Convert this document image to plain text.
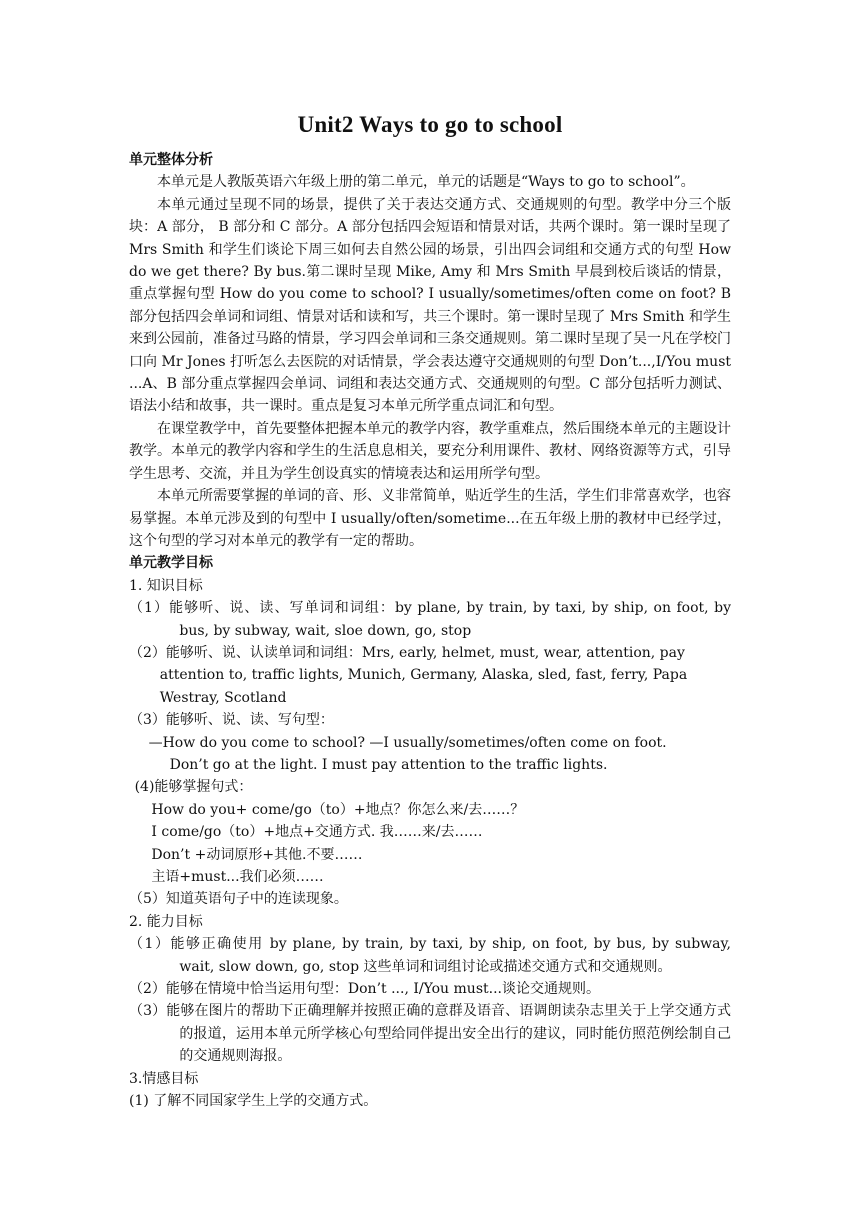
Unit2 Ways to go to school

单元整体分析

本单元是人教版英语六年级上册的第二单元，单元的话题是“Ways to go to school”。

本单元通过呈现不同的场景，提供了关于表达交通方式、交通规则的句型。教学中分三个版块：A 部分， B 部分和 C 部分。A 部分包括四会短语和情景对话，共两个课时。第一课时呈现了 Mrs Smith 和学生们谈论下周三如何去自然公园的场景，引出四会词组和交通方式的句型 How do we get there? By bus.第二课时呈现 Mike, Amy 和 Mrs Smith 早晨到校后谈话的情景，重点掌握句型 How do you come to school? I usually/sometimes/often come on foot? B 部分包括四会单词和词组、情景对话和读和写，共三个课时。第一课时呈现了 Mrs Smith 和学生来到公园前，准备过马路的情景，学习四会单词和三条交通规则。第二课时呈现了吴一凡在学校门口向 Mr Jones 打听怎么去医院的对话情景，学会表达遵守交通规则的句型 Don’t...,I/You must ...A、B 部分重点掌握四会单词、词组和表达交通方式、交通规则的句型。C 部分包括听力测试、语法小结和故事，共一课时。重点是复习本单元所学重点词汇和句型。

在课堂教学中，首先要整体把握本单元的教学内容，教学重难点，然后围绕本单元的主题设计教学。本单元的教学内容和学生的生活息息相关，要充分利用课件、教材、网络资源等方式，引导学生思考、交流，并且为学生创设真实的情境表达和运用所学句型。

本单元所需要掌握的单词的音、形、义非常简单，贴近学生的生活，学生们非常喜欢学，也容易掌握。本单元涉及到的句型中 I usually/often/sometime...在五年级上册的教材中已经学过，这个句型的学习对本单元的教学有一定的帮助。

单元教学目标

1. 知识目标

（1）能够听、说、读、写单词和词组：by plane, by train, by taxi, by ship, on foot, by bus, by subway, wait, sloe down, go, stop

（2）能够听、说、认读单词和词组：Mrs, early, helmet, must, wear, attention, pay attention to, traffic lights, Munich, Germany, Alaska, sled, fast, ferry, Papa Westray, Scotland

（3）能够听、说、读、写句型：

—How do you come to school? —I usually/sometimes/often come on foot.

Don’t go at the light. I must pay attention to the traffic lights.

(4)能够掌握句式：

How do you+ come/go（to）+地点？你怎么来/去……？

I come/go（to）+地点+交通方式. 我……来/去……

Don’t +动词原形+其他.不要……

主语+must...我们必须……

（5）知道英语句子中的连读现象。

2. 能力目标

（1）能够正确使用 by plane, by train, by taxi, by ship, on foot, by bus, by subway, wait, slow down, go, stop 这些单词和词组讨论或描述交通方式和交通规则。

（2）能够在情境中恰当运用句型：Don’t ..., I/You must...谈论交通规则。

（3）能够在图片的帮助下正确理解并按照正确的意群及语音、语调朗读杂志里关于上学交通方式的报道，运用本单元所学核心句型给同伴提出安全出行的建议，同时能仿照范例绘制自己的交通规则海报。

3.情感目标

(1) 了解不同国家学生上学的交通方式。
